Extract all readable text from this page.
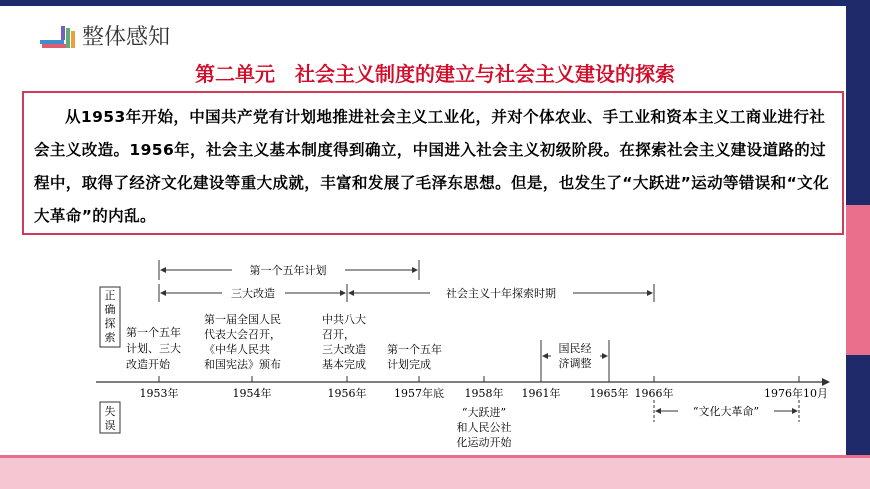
整体感知
第二单元　社会主义制度的建立与社会主义建设的探索

从1953年开始，中国共产党有计划地推进社会主义工业化，并对个体农业、手工业和资本主义工商业进行社会主义改造。1956年，社会主义基本制度得到确立，中国进入社会主义初级阶段。在探索社会主义建设道路的过程中，取得了经济文化建设等重大成就，丰富和发展了毛泽东思想。但是，也发生了“大跃进”运动等错误和“文化大革命”的内乱。

正
确
探
索
失
误
第一个五年计划
三大改造	社会主义十年探索时期
第一个五年
计划、三大
改造开始
第一届全国人民
代表大会召开，
《中华人民共
和国宪法》颁布
中共八大
召开，
三大改造
基本完成
第一个五年
计划完成
国民经
济调整
1953年	1954年	1956年	1957年底 1958年 1961年	1965年 1966年	1976年10月
“大跃进”
和人民公社
化运动开始
“文化大革命”
